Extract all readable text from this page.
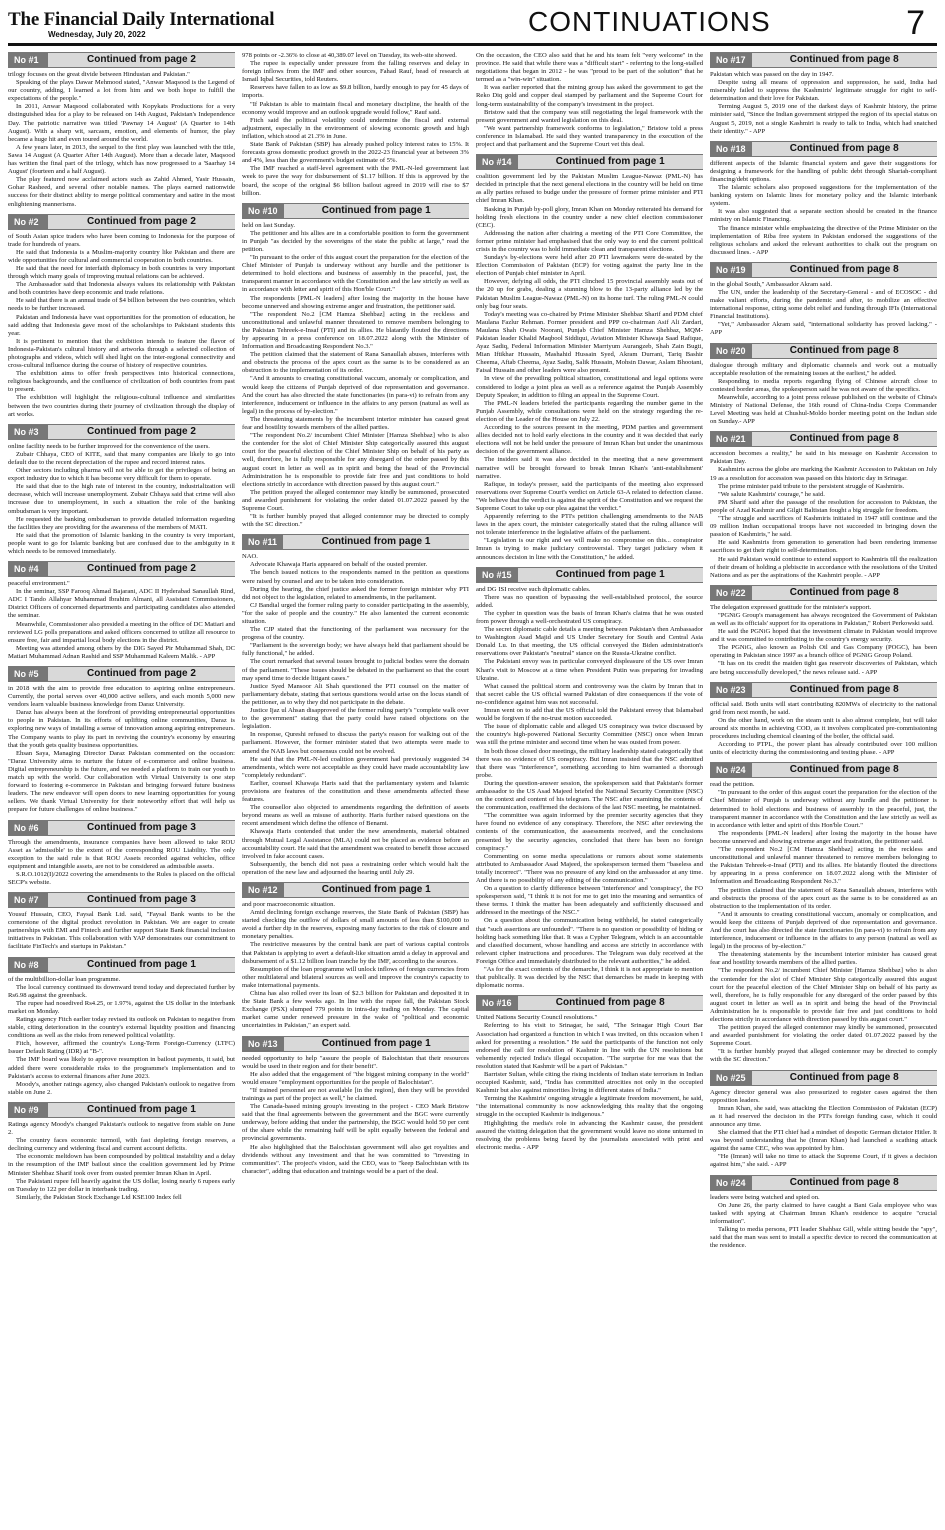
The Financial Daily International
Wednesday, July 20, 2022	CONTINUATIONS	7
No #1	Continued from page 2

trilogy focuses on the great divide between Hindustan and Pakistan."

Speaking of the plays Dawar Mehmood stated, "Anwar Maqsood is the Legend of our country, adding, I learned a lot from him and we both hope to fulfill the expectations of the people."

In 2011, Anwar Maqsood collaborated with Kopykats Productions for a very distinguished idea for a play to be released on 14th August, Pakistan's Independence Day. The patriotic narrative was titled 'Pawnay 14 August' (A Quarter to 14th August). With a sharp wit, sarcasm, emotion, and elements of humor, the play became a huge hit and even toured around the world.

A few years later, in 2013, the sequel to the first play was launched with the title, Sawa 14 August (A Quarter After 14th August). More than a decade later, Maqsood has written the final part of the trilogy, which has now progressed to a 'Saarhay 14 August' (fourteen and a half August).

The play featured now acclaimed actors such as Zahid Ahmed, Yasir Hussain, Gohar Rasheed, and several other notable names. The plays earned nationwide success for their distinct ability to merge political commentary and satire in the most enlightening mannerisms.

No #2	Continued from page 2

of South Asian spice traders who have been coming to Indonesia for the purpose of trade for hundreds of years.

He said that Indonesia is a Muslim-majority country like Pakistan and there are wide opportunities for cultural and commercial cooperation in both countries.

He said that the need for interfaith diplomacy in both countries is very important through which many goals of improving mutual relations can be achieved.

The Ambassador said that Indonesia always values its relationship with Pakistan and both countries have deep economic and trade relations.

He said that there is an annual trade of $4 billion between the two countries, which needs to be further increased.

Pakistan and Indonesia have vast opportunities for the promotion of education, he said adding that Indonesia gave most of the scholarships to Pakistani students this year.

It is pertinent to mention that the exhibition intends to feature the flavor of Indonesia-Pakistan's cultural history and artworks through a selected collection of photographs and videos, which will shed light on the inter-regional connectivity and cross-cultural influence during the course of history of respective countries.

The exhibition aims to offer fresh perspectives into historical connections, religious backgrounds, and the confluence of civilization of both countries from past to present.

The exhibition will highlight the religious-cultural influence and similarities between the two countries during their journey of civilization through the display of art works.

No #3	Continued from page 2

online facility needs to be further improved for the convenience of the users.

Zubair Chhaya, CEO of KITE, said that many companies are likely to go into default due to the recent depreciation of the rupee and record interest rates.

Other sectors including pharma will not be able to get the privileges of being an export industry due to which it has become very difficult for them to operate.

He said that due to the high rate of interest in the country, industrialization will decrease, which will increase unemployment. Zubair Chhaya said that crime will also increase due to unemployment, in such a situation the role of the banking ombudsman is very important.

He requested the banking ombudsman to provide detailed information regarding the facilities they are providing for the awareness of the members of MATI.

He said that the promotion of Islamic banking in the country is very important, people want to go for Islamic banking but are confused due to the ambiguity in it which needs to be removed immediately.

No #4	Continued from page 2

peaceful environment."

In the seminar, SSP Farooq Ahmad Bajarani, ADC II Hyderabad Sanaullah Rind, ADC I Tando Allahyar Muhammad Ibrahim Almani, all Assistant Commissioners, District Officers of concerned departments and participating candidates also attended the seminar.

Meanwhile, Commissioner also presided a meeting in the office of DC Matiari and reviewed LG polls preparations and asked officers concerned to utilize all resource to ensure free, fair and impartial local body elections in the district.

Meeting was attended among others by the DIG Sayed Pir Muhammad Shah, DC Matiari Muhammad Adnan Rashid and SSP Muhammad Kaleem Malik. - APP

No #5	Continued from page 2

in 2018 with the aim to provide free education to aspiring online entrepreneurs. Currently, the portal serves over 40,000 active sellers, and each month 5,000 new vendors learn valuable business knowledge from Daraz University.

Daraz has always been at the forefront of providing entrepreneurial opportunities to people in Pakistan. In its efforts of uplifting online communities, Daraz is exploring new ways of installing a sense of innovation among aspiring entrepreneurs. The Company wants to play its part in reviving the country's economy by ensuring that the youth gets quality business opportunities.

Ehsan Saya, Managing Director Daraz Pakistan commented on the occasion: "Daraz University aims to nurture the future of e-commerce and online business. Digital entrepreneurship is the future, and we needed a platform to train our youth to match up with the world. Our collaboration with Virtual University is one step forward to fostering e-commerce in Pakistan and bringing forward future business leaders. The new endeavor will open doors to new learning opportunities for young sellers. We thank Virtual University for their noteworthy effort that will help us prepare for future challenges of online business."

No #6	Continued from page 3

Through the amendments, insurance companies have been allowed to take ROU Asset as 'admissible' to the extent of the corresponding ROU Liability. The only exception to the said rule is that ROU Assets recorded against vehicles, office equipment and intangible assets, are not to be considered as admissible assets.

S.R.O.1012(I)/2022 covering the amendments to the Rules is placed on the official SECP's website.

No #7	Continued from page 3

Yousuf Hussain, CEO, Faysal Bank Ltd. said, "Faysal Bank wants to be the cornerstone of the digital product revolution in Pakistan. We are eager to create partnerships with EMI and Fintech and further support State Bank financial inclusion initiatives in Pakistan. This collaboration with YAP demonstrates our commitment to facilitate FinTech's and startups in Pakistan."

No #8	Continued from page 1

of the multibillion-dollar loan programme.

The local currency continued its downward trend today and depreciated further by Rs6.98 against the greenback.

The rupee had nosedived Rs4.25, or 1.97%, against the US dollar in the interbank market on Monday.

Ratings agency Fitch earlier today revised its outlook on Pakistan to negative from stable, citing deterioration in the country's external liquidity position and financing conditions as well as the risks from renewed political volatility.

Fitch, however, affirmed the country's Long-Term Foreign-Currency (LTFC) Issuer Default Rating (IDR) at "B-".

The IMF board was likely to approve resumption in bailout payments, it said, but added there were considerable risks to the programme's implementation and to Pakistan's access to external finances after June 2023.

Moody's, another ratings agency, also changed Pakistan's outlook to negative from stable on June 2.

No #9	Continued from page 1

Ratings agency Moody's changed Pakistan's outlook to negative from stable on June 2.

The country faces economic turmoil, with fast depleting foreign reserves, a declining currency and widening fiscal and current account deficits.

The economic meltdown has been compounded by political instability and a delay in the resumption of the IMF bailout since the coalition government led by Prime Minister Shehbaz Sharif took over from ousted premier Imran Khan in April.

The Pakistani rupee fell heavily against the US dollar, losing nearly 6 rupees early on Tuesday to 122 per dollar in interbank trading.

Similarly, the Pakistan Stock Exchange Ltd KSE100 Index fell

978 points or -2.36% to close at 40,389.07 level on Tuesday, its web-site showed.

The rupee is especially under pressure from the falling reserves and delay in foreign inflows from the IMF and other sources, Fahad Rauf, head of research at Ismail Iqbal Securities, told Reuters.

Reserves have fallen to as low as $9.8 billion, hardly enough to pay for 45 days of imports.

"If Pakistan is able to maintain fiscal and monetary discipline, the health of the economy would improve and an outlook upgrade would follow," Rauf said.

Fitch said the political volatility could undermine the fiscal and external adjustment, especially in the environment of slowing economic growth and high inflation, which stood at 21.3% in June.

State Bank of Pakistan (SBP) has already pushed policy interest rates to 15%. It forecasts gross domestic product growth in the 2022-23 financial year at between 3% and 4%, less than the government's budget estimate of 5%.

The IMF reached a staff-level agreement with the PML-N-led government last week to pave the way for disbursement of $1.17 billion. If this is approved by the board, the scope of the original $6 billion bailout agreed in 2019 will rise to $7 billion.

No #10	Continued from page 1

held on last Sunday.

The petitioner and his allies are in a comfortable position to form the government in Punjab "as decided by the sovereigns of the state the public at large," read the petition.

"In pursuant to the order of this august court the preparation for the election of the Chief Minister of Punjab is underway without any hurdle and the petitioner is determined to hold elections and business of assembly in the peaceful, just, the transparent manner in accordance with the Constitution and the law strictly as well as in accordance with letter and spirit of this Hon'ble Court."

The respondents [PML-N leaders] after losing the majority in the house have become unnerved and showing extreme anger and frustration, the petitioner said.

"The respondent No.2 [CM Hamza Shehbaz] acting in the reckless and unconstitutional and unlawful manner threatened to remove members belonging to the Pakistan Tehreek-e-Insaf (PTI) and its allies. He blatantly flouted the directions by appearing in a press conference on 18.07.2022 along with the Minister of Information and Broadcasting Respondent No.3."

The petition claimed that the statement of Rana Sanaullah abuses, interferes with and obstructs the process of the apex court as the same is to be considered as an obstruction to the implementation of its order.

"And it amounts to creating constitutional vaccum, anomaly or complication, and would keep the citizens of Punjab deprived of due representation and governance. And the court has also directed the state functionaries (in para-vi) to refrain from any interference, inducement or influence in the affairs to any person (natural as well as legal) in the process of by-election."

The threatening statements by the incumbent interior minister has caused great fear and hostility towards members of the allied parties.

"The respondent No.2/ incumbent Chief Minister [Hamza Shehbaz] who is also the contender for the slot of Chief Minister Ship categorically assured this august court for the peaceful election of the Chief Minister Ship on behalf of his party as well, therefore, he is fully responsible for any disregard of the order passed by this august court in letter as well as in spirit and being the head of the Provincial Administration he is responsible to provide fair free and just conditions to hold elections strictly in accordance with direction passed by this august court."

The petition prayed the alleged contemnor may kindly be summoned, prosecuted and awarded punishment for violating the order dated 01.07.2022 passed by the Supreme Court.

"It is further humbly prayed that alleged contemnor may be directed to comply with the SC direction."

No #11	Continued from page 1

NAO.

Advocate Khawaja Haris appeared on behalf of the ousted premier.

The bench issued notices to the respondents named in the petition as questions were raised by counsel and are to be taken into consideration.

During the hearing, the chief justice asked the former foreign minister why PTI did not object to the legislation, related to amendments, in the parliament.

CJ Bandial urged the former ruling party to consider participating in the assembly, "for the sake of people and the country." He also lamented the current economic situation.

The CJP stated that the functioning of the parliament was necessary for the progress of the country.

"Parliament is the sovereign body; we have always held that parliament should be fully functional," he added.

The court remarked that several issues brought to judicial bodies were the domain of the parliament. "These issues should be debated in the parliament so that the court may spend time to decide litigant cases."

Justice Syed Mansoor Ali Shah questioned the PTI counsel on the matter of parliamentary debate, stating that serious questions would arise on the locus standi of the petitioner, as to why they did not participate in the debate.

Justice Ijaz ul Ahsan disapproved of the former ruling party's "complete walk over to the government" stating that the party could have raised objections on the legislation.

In response, Qureshi refused to discuss the party's reason for walking out of the parliament. However, the former minister stated that two attempts were made to amend the NAB laws but consensus could not be evolved.

He said that the PML-N-led coalition government had previously suggested 34 amendments, which were not acceptable as they could have made accountability law "completely redundant".

Earlier, counsel Khawaja Haris said that the parliamentary system and Islamic provisions are features of the constitution and these amendments affected these features.

The counsellor also objected to amendments regarding the definition of assets beyond means as well as misuse of authority. Haris further raised questions on the recent amendment which define the offence of Benami.

Khawaja Haris contended that under the new amendments, material obtained through Mutual Legal Assistance (MLA) could not be placed as evidence before an accountability court. He said that the amendment was created to benefit those accused involved in fake account cases.

Subsequently, the bench did not pass a restraining order which would halt the operation of the new law and adjourned the hearing until July 29.

No #12	Continued from page 1

and poor macroeconomic situation.

Amid declining foreign exchange reserves, the State Bank of Pakistan (SBP) has started checking the outflow of dollars of small amounts of less than $100,000 to avoid a further dip in the reserves, exposing many factories to the risk of closure and monetary penalties.

The restrictive measures by the central bank are part of various capital controls that Pakistan is applying to avert a default-like situation amid a delay in approval and disbursement of a $1.12 billion loan tranche by the IMF, according to the sources.

Resumption of the loan programme will unlock inflows of foreign currencies from other multilateral and bilateral sources as well and improve the country's capacity to make international payments.

China has also rolled over its loan of $2.3 billion for Pakistan and deposited it in the State Bank a few weeks ago. In line with the rupee fall, the Pakistan Stock Exchange (PSX) slumped 779 points in intra-day trading on Monday. The capital market came under renewed pressure in the wake of "political and economic uncertainties in Pakistan," an expert said.

No #13	Continued from page 1

needed opportunity to help "assure the people of Balochistan that their resources would be used in their region and for their benefit".

He also added that the engagement of "the biggest mining company in the world" would ensure "employment opportunities for the people of Balochistan".

"If trained personnel are not available [in the region], then they will be provided trainings as part of the project as well," he claimed.

The Canada-based mining group's investing in the project - CEO Mark Bristow said that the final agreements between the government and the BGC were currently underway, before adding that under the partnership, the BGC would hold 50 per cent of the share while the remaining half will be split equally between the federal and provincial governments.

He also highlighted that the Balochistan government will also get royalties and dividends without any investment and that he was committed to "investing in communities". The project's vision, said the CEO, was to "keep Balochistan with its character", adding that education and trainings would be a part of the deal.

On the occasion, the CEO also said that he and his team felt "very welcome" in the province. He said that while there was a "difficult start" - referring to the long-stalled negotiations that began in 2012 - he was "proud to be part of the solution" that he termed as a "win-win" situation.

It was earlier reported that the mining group has asked the government to get the Reko Diq gold and copper deal stamped by parliament and the Supreme Court for long-term sustainability of the company's investment in the project.

Bristow said that the company was still negotiating the legal framework with the present government and wanted legislation on this deal.

"We want partnership framework conforms to legislation," Bristow told a press conference in Islamabad. He said they wanted transparency in the execution of the project and that parliament and the Supreme Court vet this deal.

No #14	Continued from page 1

coalition government led by the Pakistan Muslim League-Nawaz (PML-N) has decided in principle that the next general elections in the country will be held on time as ally parties refused to budge under the pressure of former prime minister and PTI chief Imran Khan.

Basking in Punjab by-poll glory, Imran Khan on Monday reiterated his demand for holding fresh elections in the country under a new chief election commissioner (CEC).

Addressing the nation after chairing a meeting of the PTI Core Committee, the former prime minister had emphasised that the only way to end the current political crisis in the country was to hold immediate clean and transparent elections.

Sunday's by-elections were held after 20 PTI lawmakers were de-seated by the Election Commission of Pakistan (ECP) for voting against the party line in the election of Punjab chief minister in April.

However, defying all odds, the PTI clinched 15 provincial assembly seats out of the 20 up for grabs, dealing a stunning blow to the 13-party alliance led by the Pakistan Muslim League-Nawaz (PML-N) on its home turf. The ruling PML-N could only bag four seats.

Today's meeting was co-chaired by Prime Minister Shehbaz Sharif and PDM chief Maulana Fazlur Rehman. Former president and PPP co-chairman Asif Ali Zardari, Maulana Shah Owais Noorani, Punjab Chief Minister Hamza Shehbaz, MQM-Pakistan leader Khalid Maqbool Siddiqui, Aviation Minister Khawaja Saad Rafique, Ayaz Sadiq, Federal Information Minister Marriyum Aurangzeb, Shah Zain Bugti, Mian Iftikhar Hussain, Mashahid Hussain Syed, Akram Durrani, Tariq Bashir Cheema, Aftab Cheema, Ayaz Sadiq, Salik Hussain, Mohsin Dawar, Aslam Bhootani, Faisal Hussain and other leaders were also present.

In view of the prevailing political situation, constitutional and legal options were considered to lodge a joint plea as well as a reference against the Punjab Assembly Deputy Speaker, in addition to filing an appeal in the Supreme Court.

The PML-N leaders briefed the participants regarding the number game in the Punjab Assembly, while consultations were held on the strategy regarding the re-election of the Leader of the House on July 22.

According to the sources present in the meeting, PDM parties and government allies decided not to hold early elections in the country and it was decided that early elections will not be held under the pressure of Imran Khan but under the unanimous decision of the government alliance.

The insiders said it was also decided in the meeting that a new government narrative will be brought forward to break Imran Khan's 'anti-establishment' narrative.

Rafique, in today's presser, said the participants of the meeting also expressed reservations over Supreme Court's verdict on Article 63-A related to defection clause. "We believe that the verdict is against the spirit of the Constitution and we request the Supreme Court to take up our plea against the verdict."

Apparently referring to the PTI's petition challenging amendments to the NAB laws in the apex court, the minister categorically stated that the ruling alliance will not tolerate interference in the legislative affairs of the parliament.

"Legislation is our right and we will make no compromise on this... conspirator Imran is trying to make judiciary controversial. They target judiciary when it announces decision in line with the Constitution," he added.

No #15	Continued from page 1

and DG ISI receive such diplomatic cables.

There was no question of bypassing the well-established protocol, the source added.

The cypher in question was the basis of Imran Khan's claims that he was ousted from power through a well-orchestrated US conspiracy.

The secret diplomatic cable details a meeting between Pakistan's then Ambassador to Washington Asad Majid and US Under Secretary for South and Central Asia Donald Lu. In that meeting, the US official conveyed the Biden administration's reservations over Pakistan's "neutral" stance on the Russia-Ukraine conflict.

The Pakistani envoy was in particular conveyed displeasure of the US over Imran Khan's visit to Moscow at a time when President Putin was preparing for invading Ukraine.

What caused the political storm and controversy was the claim by Imran that in that secret cable the US official warned Pakistan of dire consequences if the vote of no-confidence against him was not successful.

Imran went on to add that the US official told the Pakistani envoy that Islamabad would be forgiven if the no-trust motion succeeded.

The issue of diplomatic cable and alleged US conspiracy was twice discussed by the country's high-powered National Security Committee (NSC) once when Imran was still the prime minister and second time when he was ousted from power.

In both those closed door meetings, the military leadership stated categorically that there was no evidence of US conspiracy. But Imran insisted that the NSC admitted that there was "interference", something according to him warranted a thorough probe.

During the question-answer session, the spokesperson said that Pakistan's former ambassador to the US Asad Majeed briefed the National Security Committee (NSC) on the context and content of his telegram. The NSC after examining the contents of the communication, reaffirmed the decisions of the last NSC meeting, he maintained.

"The committee was again informed by the premier security agencies that they have found no evidence of any conspiracy. Therefore, the NSC after reviewing the contents of the communication, the assessments received, and the conclusions presented by the security agencies, concluded that there has been no foreign conspiracy."

Commenting on some media speculations or rumors about some statements attributed to Ambassador Asad Majeed, the spokesperson termed them "baseless and totally incorrect". "There was no pressure of any kind on the ambassador at any time. And there is no possibility of any editing of the communication."

On a question to clarify difference between 'interference' and 'conspiracy', the FO spokesperson said, "I think it is not for me to get into the meaning and semantics of these terms. I think the matter has been adequately and sufficiently discussed and addressed in the meetings of the NSC."

On a question about the communication being withheld, he stated categorically that "such assertions are unfounded". "There is no question or possibility of hiding or holding back something like that. It was a Cypher Telegram, which is an accountable and classified document, whose handling and access are strictly in accordance with relevant cipher instructions and procedures. The Telegram was duly received at the Foreign Office and immediately distributed to the relevant authorities," he added.

"As for the exact contents of the demarche, I think it is not appropriate to mention that publically. It was decided by the NSC that demarches be made in keeping with diplomatic norms.

No #16	Continued from page 8

United Nations Security Council resolutions."

Referring to his visit to Srinagar, he said, "The Srinagar High Court Bar Association had organized a function in which I was invited, on this occasion when I asked for presenting a resolution." He said the participants of the function not only endorsed the call for resolution of Kashmir in line with the UN resolutions but vehemently rejected India's illegal occupation. "The surprise for me was that the resolution stated that Kashmir will be a part of Pakistan."

Barrister Sultan, while citing the rising incidents of Indian state terrorism in Indian occupied Kashmir, said, "India has committed atrocities not only in the occupied Kashmir but also against minorities living in different states of India."

Terming the Kashmiris' ongoing struggle a legitimate freedom movement, he said, "the international community is now acknowledging this reality that the ongoing struggle in the occupied Kashmir is indigenous."

Highlighting the media's role in advancing the Kashmir cause, the president assured the visiting delegation that the government would leave no stone unturned in resolving the problems being faced by the journalists associated with print and electronic media. - APP

No #17	Continued from page 8

Pakistan which was passed on the day in 1947.

Despite using all means of oppression and suppression, he said, India had miserably failed to suppress the Kashmiris' legitimate struggle for right to self-determination and their love for Pakistan.

Terming August 5, 2019 one of the darkest days of Kashmir history, the prime minister said, "Since the Indian government stripped the region of its special status on August 5, 2019, not a single Kashmiri is ready to talk to India, which had snatched their identity." - APP

No #18	Continued from page 8

different aspects of the Islamic financial system and gave their suggestions for designing a framework for the handling of public debt through Shariah-compliant financing/debt options.

The Islamic scholars also proposed suggestions for the implementation of the banking system on Islamic lines for monetary policy and the Islamic interbank system.

It was also suggested that a separate section should be created in the finance ministry on Islamic Financing.

The finance minister while emphasizing the directive of the Prime Minister on the implementation of Riba free system in Pakistan endorsed the suggestions of the religious scholars and asked the relevant authorities to chalk out the program on discussed lines. - APP

No #19	Continued from page 8

in the global South," Ambassador Akram said.

The UN, under the leadership of the Secretary-General - and of ECOSOC - did make valiant efforts, during the pandemic and after, to mobilize an effective international response, citing some debt relief and funding through IFIs (International Financial Institutions).

"Yet," Ambassador Akram said, "international solidarity has proved lacking." - APP

No #20	Continued from page 8

dialogue through military and diplomatic channels and work out a mutually acceptable resolution of the remaining issues at the earliest," he added.

Responding to media reports regarding flying of Chinese aircraft close to contested border areas, the spokesperson said he was not aware of the specifics.

Meanwhile, according to a joint press release published on the website of China's Ministry of National Defense, the 16th round of China-India Corps Commander Level Meeting was held at Chushul-Moldo border meeting point on the Indian side on Sunday.- APP

No #21	Continued from page 8

accession becomes a reality," he said in his message on Kashmir Accession to Pakistan Day.

Kashmiris across the globe are marking the Kashmir Accession to Pakistan on July 19 as a resolution for accession was passed on this historic day in Srinagar.

The prime minister paid tribute to the persistent struggle of Kashmiris.

"We salute Kashmiris' courage," he said.

PM Sharif said after the passage of the resolution for accession to Pakistan, the people of Azad Kashmir and Gilgit Baltistan fought a big struggle for freedom.

"The struggle and sacrifices of Kashmiris initiated in 1947 still continue and the 09 million Indian occupational troops have not succeeded in bringing down the passion of Kashmiris," he said.

He said Kashmiris from generation to generation had been rendering immense sacrifices to get their right to self-determination.

He said Pakistan would continue to extend support to Kashmiris till the realization of their dream of holding a plebiscite in accordance with the resolutions of the United Nations and as per the aspirations of the Kashmiri people. - APP

No #22	Continued from page 8

The delegation expressed gratitude for the minister's support.

"PGNiG Group's management has always recognized the Government of Pakistan as well as its officials' support for its operations in Pakistan," Robert Perkowski said.

He said the PGNiG hoped that the investment climate in Pakistan would improve and it was committed to contributing to the country's energy security.

The PGNiG, also known as Polish Oil and Gas Company (POGC), has been operating in Pakistan since 1997 as a branch office of PGNiG Group Poland.

"It has on its credit the maiden tight gas reservoir discoveries of Pakistan, which are being successfully developed," the news release said. - APP

No #23	Continued from page 8

official said. Both units will start contributing 820MWs of electricity to the national grid from next month, he said.

On the other hand, work on the steam unit is also almost complete, but will take around six months in achieving COD, as it involves complicated pre-commissioning procedures including chemical cleaning of the boiler, the official said.

According to PTPL, the power plant has already contributed over 100 million units of electricity during the commissioning and testing phase. - APP

No #24	Continued from page 8

read the petition.

"In pursuant to the order of this august court the preparation for the election of the Chief Minister of Punjab is underway without any hurdle and the petitioner is determined to hold elections and business of assembly in the peaceful, just, the transparent manner in accordance with the Constitution and the law strictly as well as in accordance with letter and spirit of this Hon'ble Court."

The respondents [PML-N leaders] after losing the majority in the house have become unnerved and showing extreme anger and frustration, the petitioner said.

"The respondent No.2 [CM Hamza Shehbaz] acting in the reckless and unconstitutional and unlawful manner threatened to remove members belonging to the Pakistan Tehreek-e-Insaf (PTI) and its allies. He blatantly flouted the directions by appearing in a press conference on 18.07.2022 along with the Minister of Information and Broadcasting Respondent No.3."

The petition claimed that the statement of Rana Sanaullah abuses, interferes with and obstructs the process of the apex court as the same is to be considered as an obstruction to the implementation of its order.

"And it amounts to creating constitutional vaccum, anomaly or complication, and would keep the citizens of Punjab deprived of due representation and governance. And the court has also directed the state functionaries (in para-vi) to refrain from any interference, inducement or influence in the affairs to any person (natural as well as legal) in the process of by-election."

The threatening statements by the incumbent interior minister has caused great fear and hostility towards members of the allied parties.

"The respondent No.2/ incumbent Chief Minister [Hamza Shehbaz] who is also the contender for the slot of Chief Minister Ship categorically assured this august court for the peaceful election of the Chief Minister Ship on behalf of his party as well, therefore, he is fully responsible for any disregard of the order passed by this august court in letter as well as in spirit and being the head of the Provincial Administration he is responsible to provide fair free and just conditions to hold elections strictly in accordance with direction passed by this august court."

The petition prayed the alleged contemnor may kindly be summoned, prosecuted and awarded punishment for violating the order dated 01.07.2022 passed by the Supreme Court.

"It is further humbly prayed that alleged contemnor may be directed to comply with the SC direction."

No #25	Continued from page 8

Agency director general was also pressurized to register cases against the then opposition leaders.

Imran Khan, she said, was attacking the Election Commission of Pakistan (ECP) as it had reserved the decision in the PTI's foreign funding case, which it could announce any time.

She claimed that the PTI chief had a mindset of despotic German dictator Hitler. It was beyond understanding that he (Imran Khan) had launched a scathing attack against the same CEC, who was appointed by him.

"He (Imran) will take no time to attack the Supreme Court, if it gives a decision against him," she said. - APP

No #24	Continued from page 8

leaders were being watched and spied on.

On June 26, the party claimed to have caught a Bani Gala employee who was tasked with spying at Chairman Imran Khan's residence to acquire "crucial information".

Talking to media persons, PTI leader Shahbaz Gill, while sitting beside the "spy", said that the man was sent to install a specific device to record the communication at the residence.
